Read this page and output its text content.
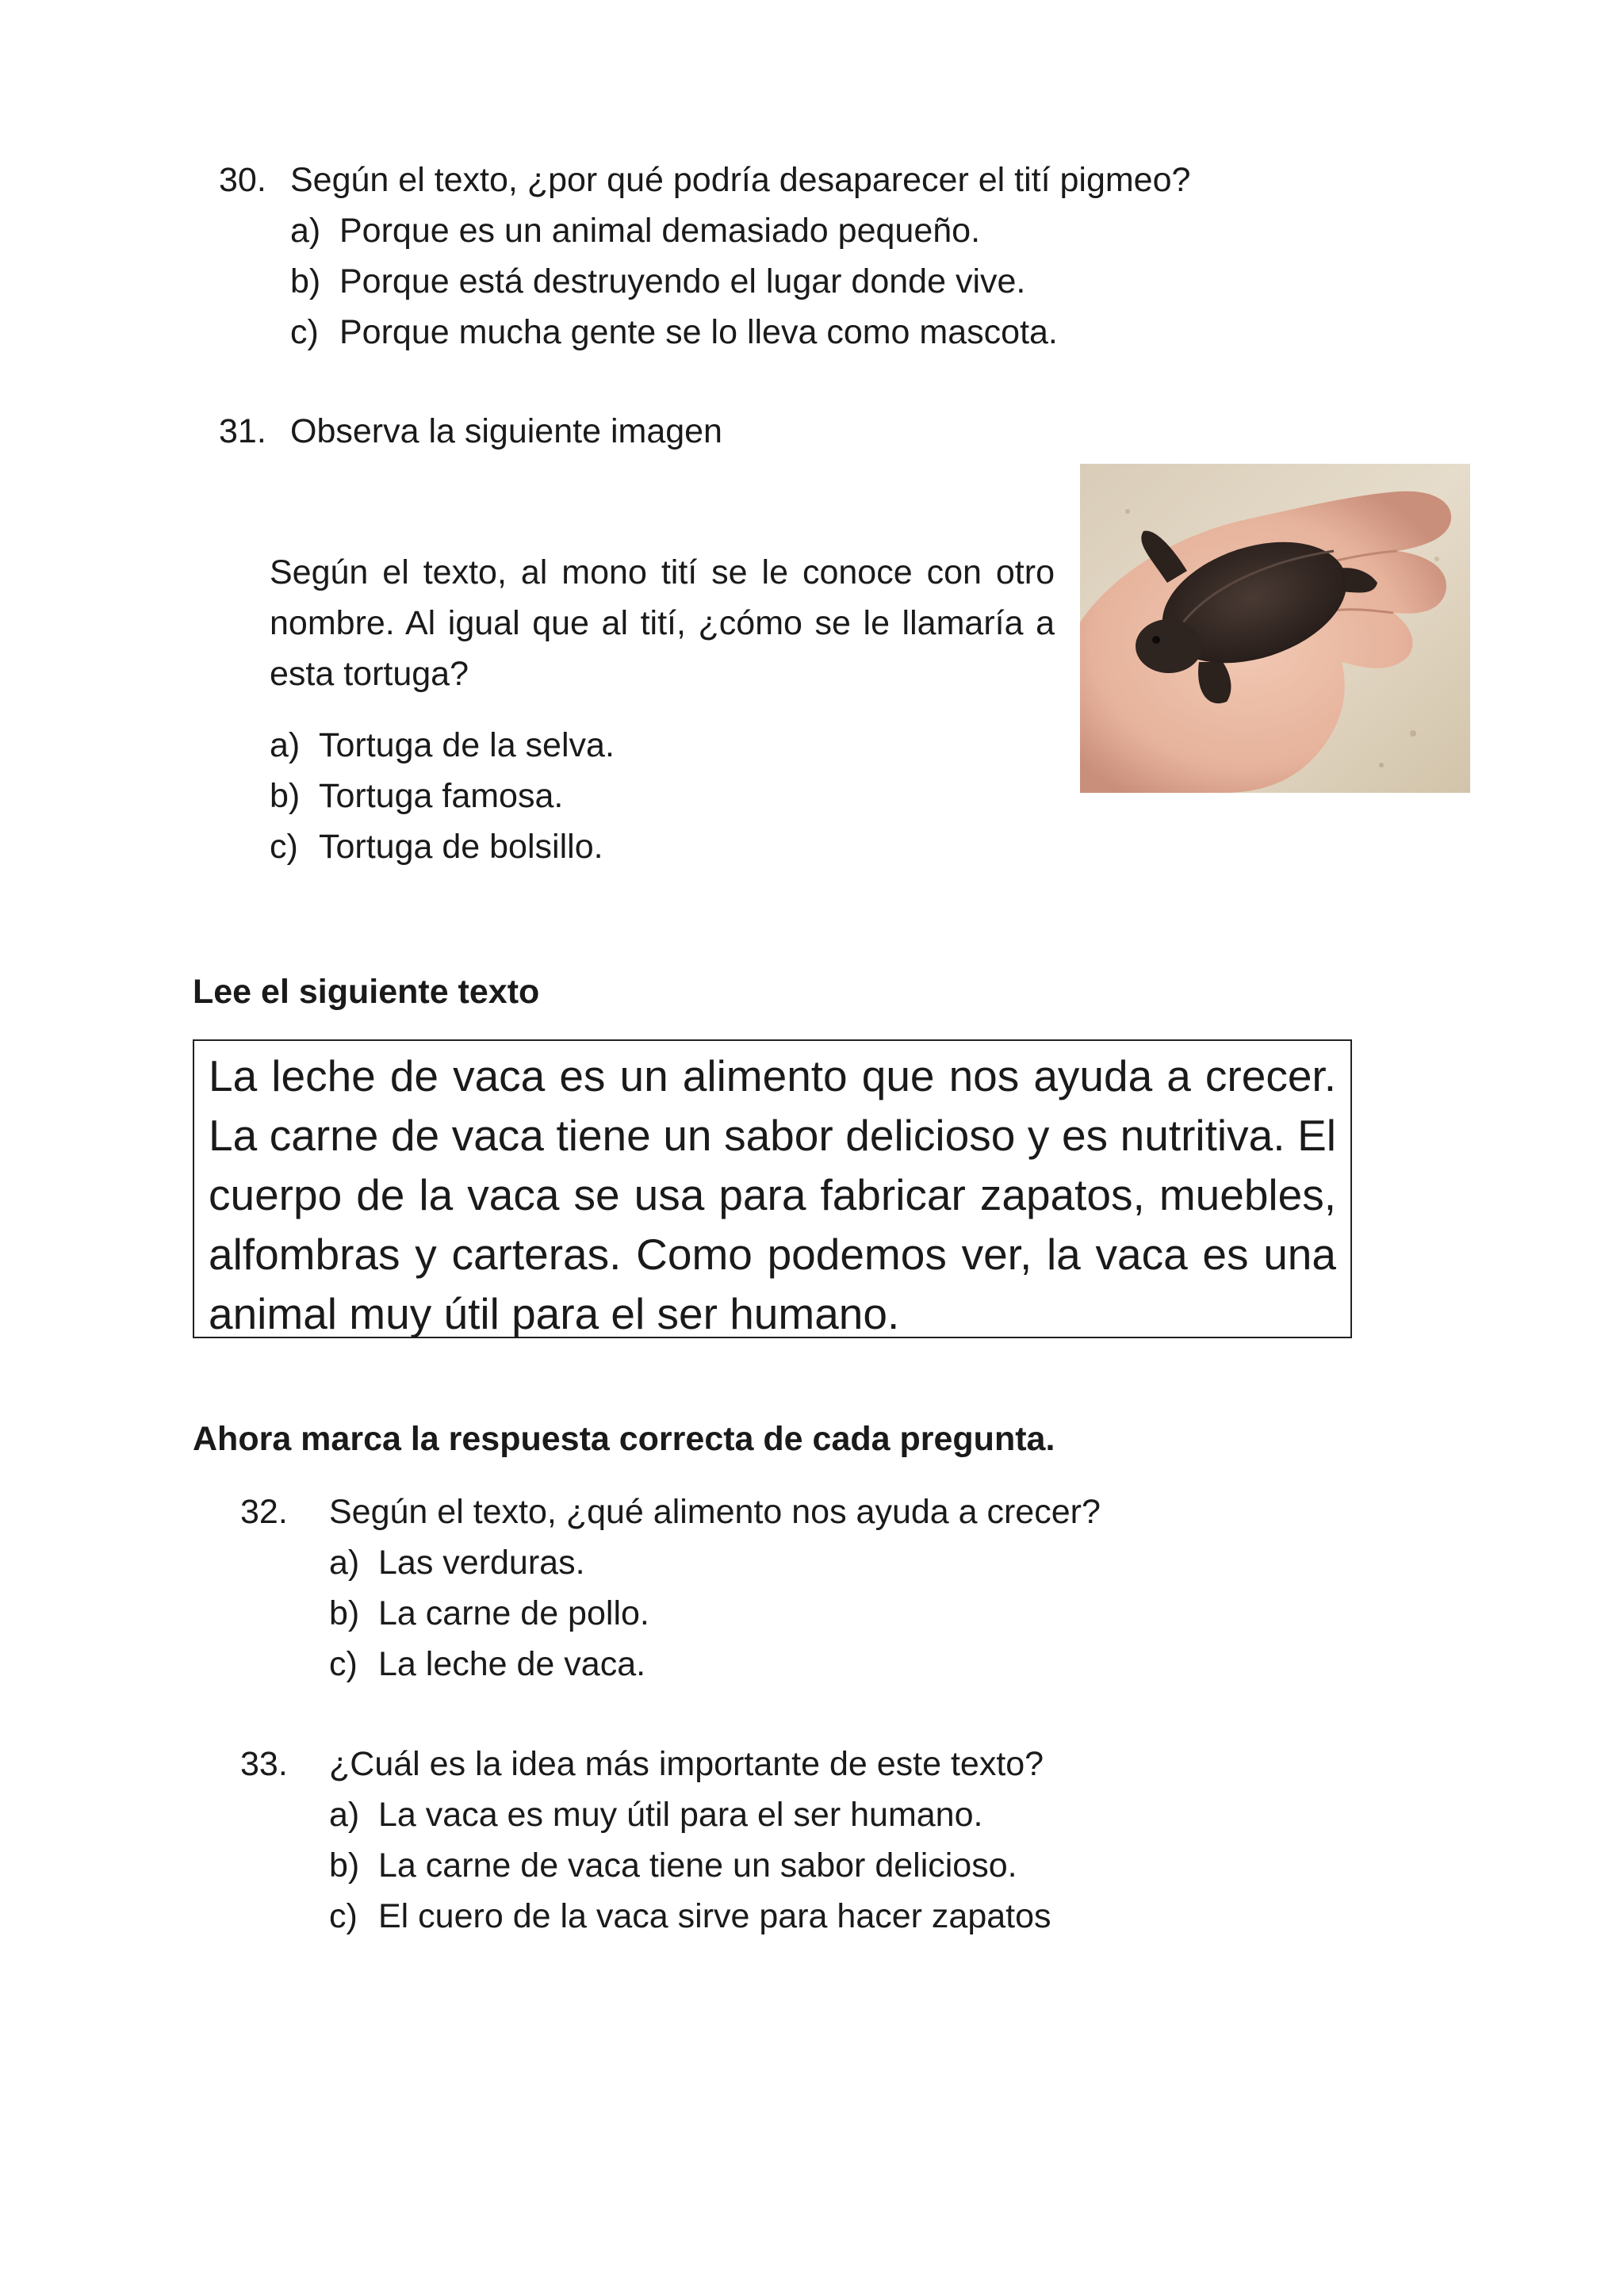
30. Según el texto, ¿por qué podría desaparecer el tití pigmeo?
a) Porque es un animal demasiado pequeño.
b) Porque está destruyendo el lugar donde vive.
c) Porque mucha gente se lo lleva como mascota.
31. Observa la siguiente imagen
Según el texto, al mono tití se le conoce con otro nombre. Al igual que al tití, ¿cómo se le llamaría a esta tortuga?
a) Tortuga de la selva.
b) Tortuga famosa.
c) Tortuga de bolsillo.
Lee el siguiente texto

La leche de vaca es un alimento que nos ayuda a crecer. La carne de vaca tiene un sabor delicioso y es nutritiva. El cuerpo de la vaca se usa para fabricar zapatos, muebles, alfombras y carteras. Como podemos ver, la vaca es una animal muy útil para el ser humano.

Ahora marca la respuesta correcta de cada pregunta.
32. Según el texto, ¿qué alimento nos ayuda a crecer?
a) Las verduras.
b) La carne de pollo.
c) La leche de vaca.
33. ¿Cuál es la idea más importante de este texto?
a) La vaca es muy útil para el ser humano.
b) La carne de vaca tiene un sabor delicioso.
c) El cuero de la vaca sirve para hacer zapatos
